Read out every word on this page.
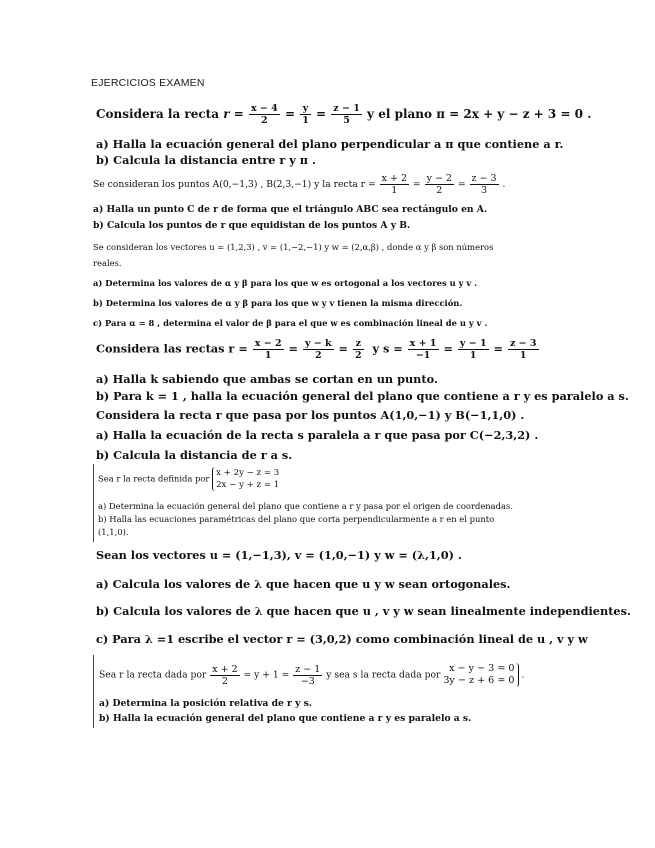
EJERCICIOS EXAMEN
Considera la recta $r = \frac{x - 4}{2} = \frac{y}{1} = \frac{z - 1}{5}$ y el plano π = 2x + y − z + 3 = 0 .
a) Halla la ecuación general del plano perpendicular a π que contiene a r.
b) Calcula la distancia entre r y π .
Se consideran los puntos A(0,−1,3) , B(2,3,−1) y la recta $r = \frac{x + 2}{1} = \frac{y - 2}{2} = \frac{z - 3}{3}$ .
a) Halla un punto C de r de forma que el triángulo ABC sea rectángulo en A.
b) Calcula los puntos de r que equidistan de los puntos A y B.
Se consideran los vectores u = (1,2,3) , v = (1,−2,−1) y w = (2,α,β) , donde α y β son números
reales.
a) Determina los valores de α y β para los que w es ortogonal a los vectores u y v .
b) Determina los valores de α y β para los que w y v tienen la misma dirección.
c) Para α = 8 , determina el valor de β para el que w es combinación lineal de u y v .
Considera las rectas $r = \frac{x - 2}{1} = \frac{y - k}{2} = \frac{z}{2}$ y $s = \frac{x + 1}{-1} = \frac{y - 1}{1} = \frac{z - 3}{1}$
a) Halla k sabiendo que ambas se cortan en un punto.
b) Para k = 1 , halla la ecuación general del plano que contiene a r y es paralelo a s.
Considera la recta r que pasa por los puntos A(1,0,−1) y B(−1,1,0) .
a) Halla la ecuación de la recta s paralela a r que pasa por C(−2,3,2) .
b) Calcula la distancia de r a s.
Sea r la recta definida por
x + 2y − z = 3
2x − y + z = 1
a) Determina la ecuación general del plano que contiene a r y pasa por el origen de coordenadas.
b) Halla las ecuaciones paramétricas del plano que corta perpendicularmente a r en el punto
(1,1,0).
Sean los vectores u = (1,−1,3), v = (1,0,−1) y w = (λ,1,0) .
a) Calcula los valores de λ que hacen que u y w sean ortogonales.
b) Calcula los valores de λ que hacen que u , v y w sean linealmente independientes.
c) Para λ =1 escribe el vector r = (3,0,2) como combinación lineal de u , v y w
Sea r la recta dada por $\frac{x + 2}{2} = y + 1 = \frac{z - 1}{-3}$ y sea s la recta dada por
x − y − 3 = 0
3y − z + 6 = 0 .
a) Determina la posición relativa de r y s.
b) Halla la ecuación general del plano que contiene a r y es paralelo a s.
